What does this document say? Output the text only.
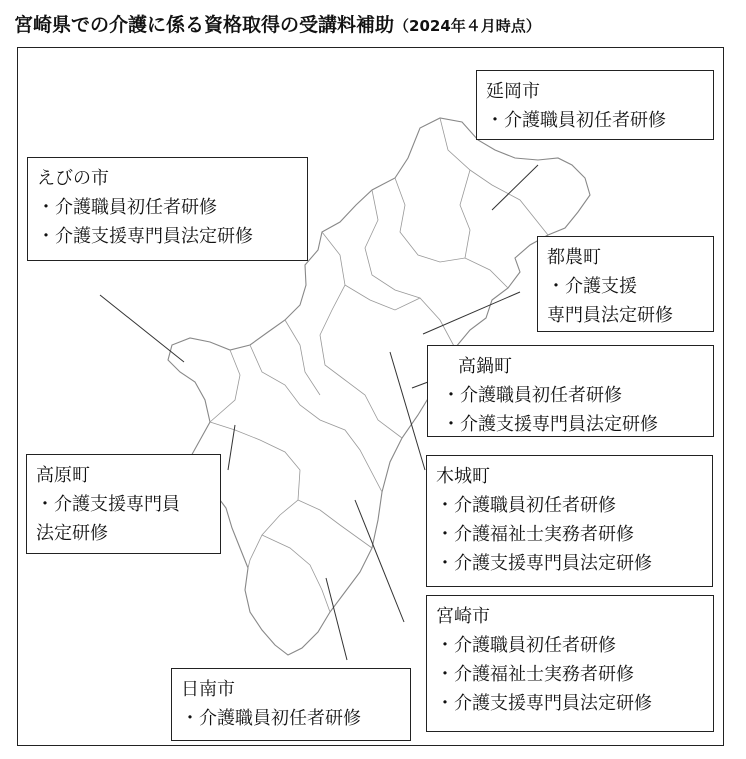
宮崎県での介護に係る資格取得の受講料補助（2024年４月時点）
延岡市
・介護職員初任者研修
えびの市
・介護職員初任者研修
・介護支援専門員法定研修
都農町
・介護支援
専門員法定研修
高鍋町
・介護職員初任者研修
・介護支援専門員法定研修
高原町
・介護支援専門員
法定研修
木城町
・介護職員初任者研修
・介護福祉士実務者研修
・介護支援専門員法定研修
宮崎市
・介護職員初任者研修
・介護福祉士実務者研修
・介護支援専門員法定研修
日南市
・介護職員初任者研修
